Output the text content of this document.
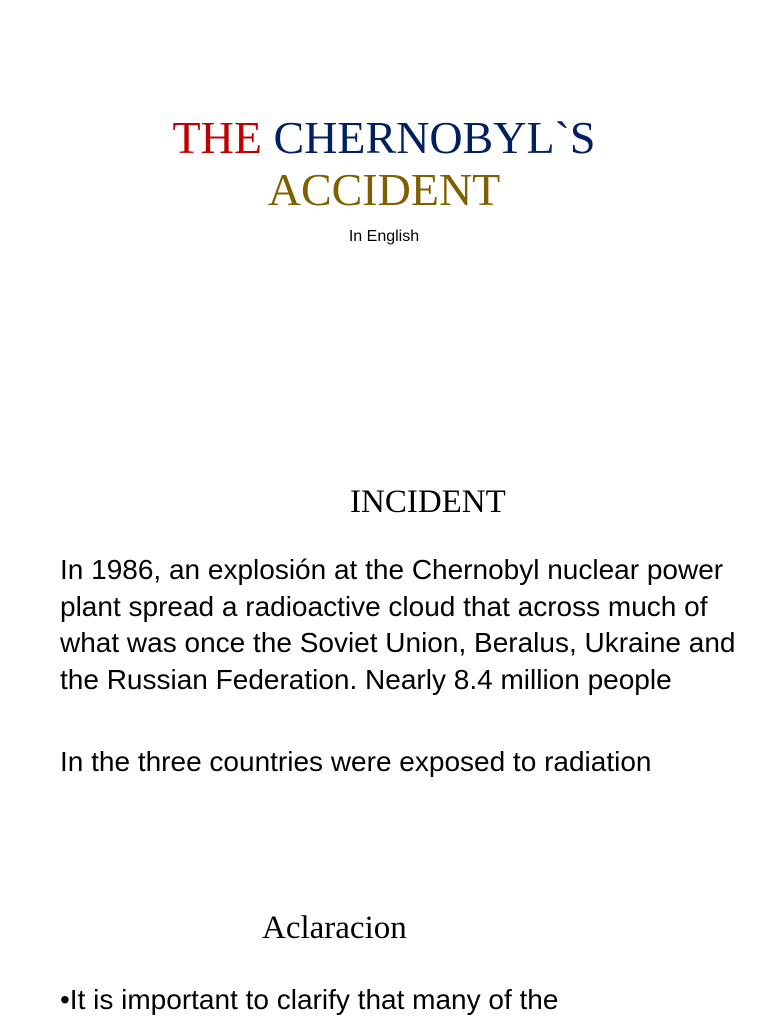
THE CHERNOBYL`S
ACCIDENT
In English
INCIDENT
In 1986, an explosión at the Chernobyl nuclear power plant spread a radioactive cloud that across much of what was once the Soviet Union, Beralus, Ukraine and the Russian Federation. Nearly 8.4 million people
In the three countries were exposed to radiation
Aclaracion
•It is important to clarify that many of the
